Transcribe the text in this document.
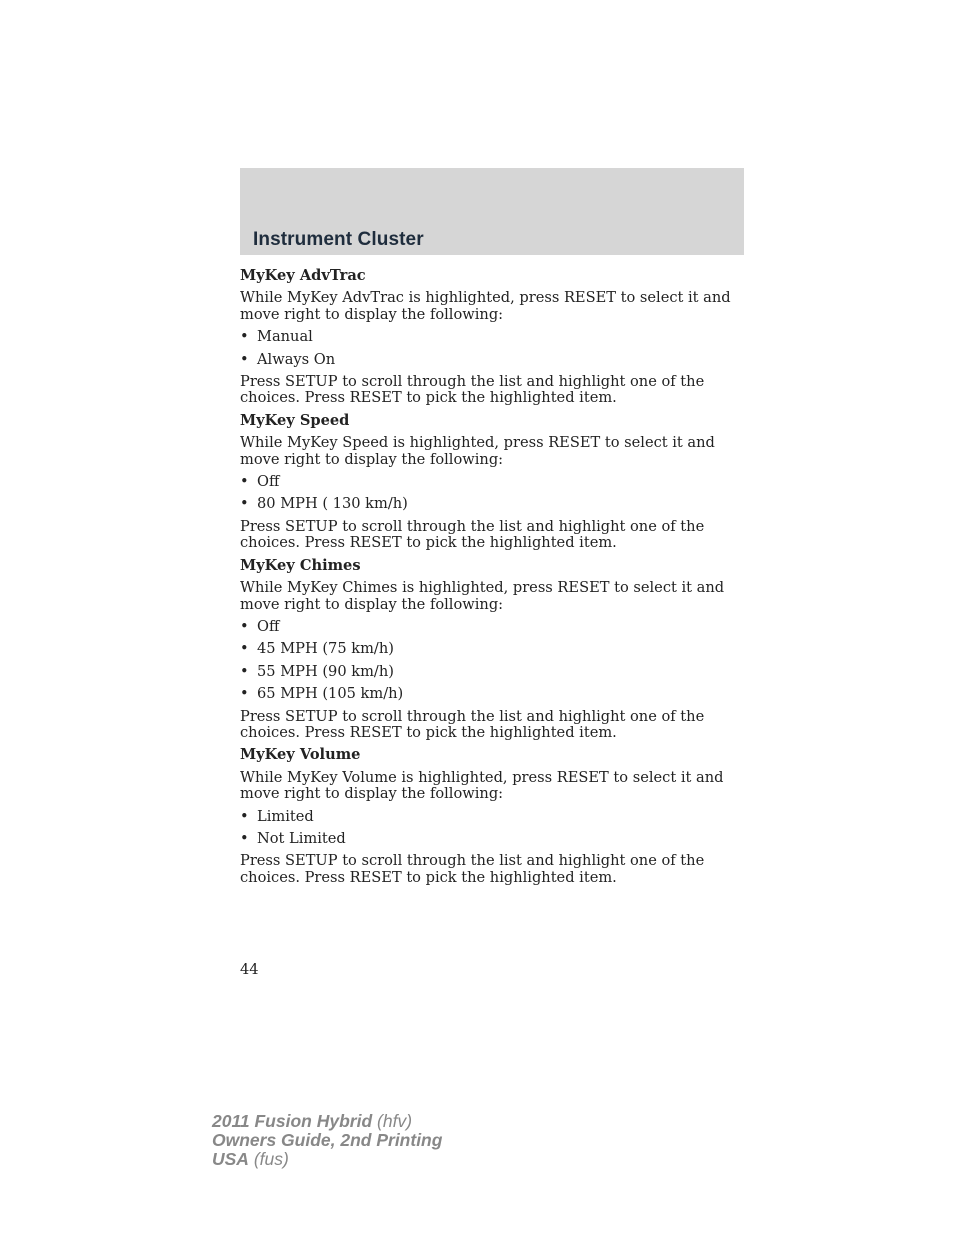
Instrument Cluster
MyKey AdvTrac

While MyKey AdvTrac is highlighted, press RESET to select it and move right to display the following:

• Manual
• Always On

Press SETUP to scroll through the list and highlight one of the choices. Press RESET to pick the highlighted item.

MyKey Speed

While MyKey Speed is highlighted, press RESET to select it and move right to display the following:

• Off
• 80 MPH ( 130 km/h)

Press SETUP to scroll through the list and highlight one of the choices. Press RESET to pick the highlighted item.

MyKey Chimes

While MyKey Chimes is highlighted, press RESET to select it and move right to display the following:

• Off
• 45 MPH (75 km/h)
• 55 MPH (90 km/h)
• 65 MPH (105 km/h)

Press SETUP to scroll through the list and highlight one of the choices. Press RESET to pick the highlighted item.

MyKey Volume

While MyKey Volume is highlighted, press RESET to select it and move right to display the following:

• Limited
• Not Limited

Press SETUP to scroll through the list and highlight one of the choices. Press RESET to pick the highlighted item.

44
2011 Fusion Hybrid (hfv)
Owners Guide, 2nd Printing
USA (fus)
